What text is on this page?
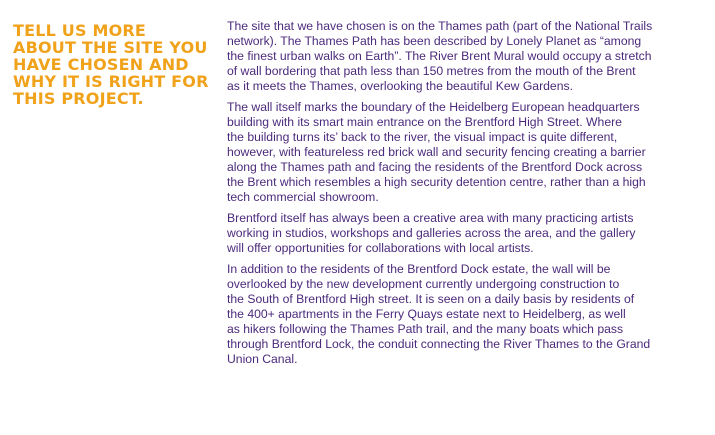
TELL US MORE
ABOUT THE SITE YOU
HAVE CHOSEN AND
WHY IT IS RIGHT FOR
THIS PROJECT.

The site that we have chosen is on the Thames path (part of the National Trails
network). The Thames Path has been described by Lonely Planet as “among
the finest urban walks on Earth”. The River Brent Mural would occupy a stretch
of wall bordering that path less than 150 metres from the mouth of the Brent
as it meets the Thames, overlooking the beautiful Kew Gardens.

The wall itself marks the boundary of the Heidelberg European headquarters
building with its smart main entrance on the Brentford High Street. Where
the building turns its’ back to the river, the visual impact is quite different,
however, with featureless red brick wall and security fencing creating a barrier
along the Thames path and facing the residents of the Brentford Dock across
the Brent which resembles a high security detention centre, rather than a high
tech commercial showroom.

Brentford itself has always been a creative area with many practicing artists
working in studios, workshops and galleries across the area, and the gallery
will offer opportunities for collaborations with local artists.

In addition to the residents of the Brentford Dock estate, the wall will be
overlooked by the new development currently undergoing construction to
the South of Brentford High street. It is seen on a daily basis by residents of
the 400+ apartments in the Ferry Quays estate next to Heidelberg, as well
as hikers following the Thames Path trail, and the many boats which pass
through Brentford Lock, the conduit connecting the River Thames to the Grand
Union Canal.
